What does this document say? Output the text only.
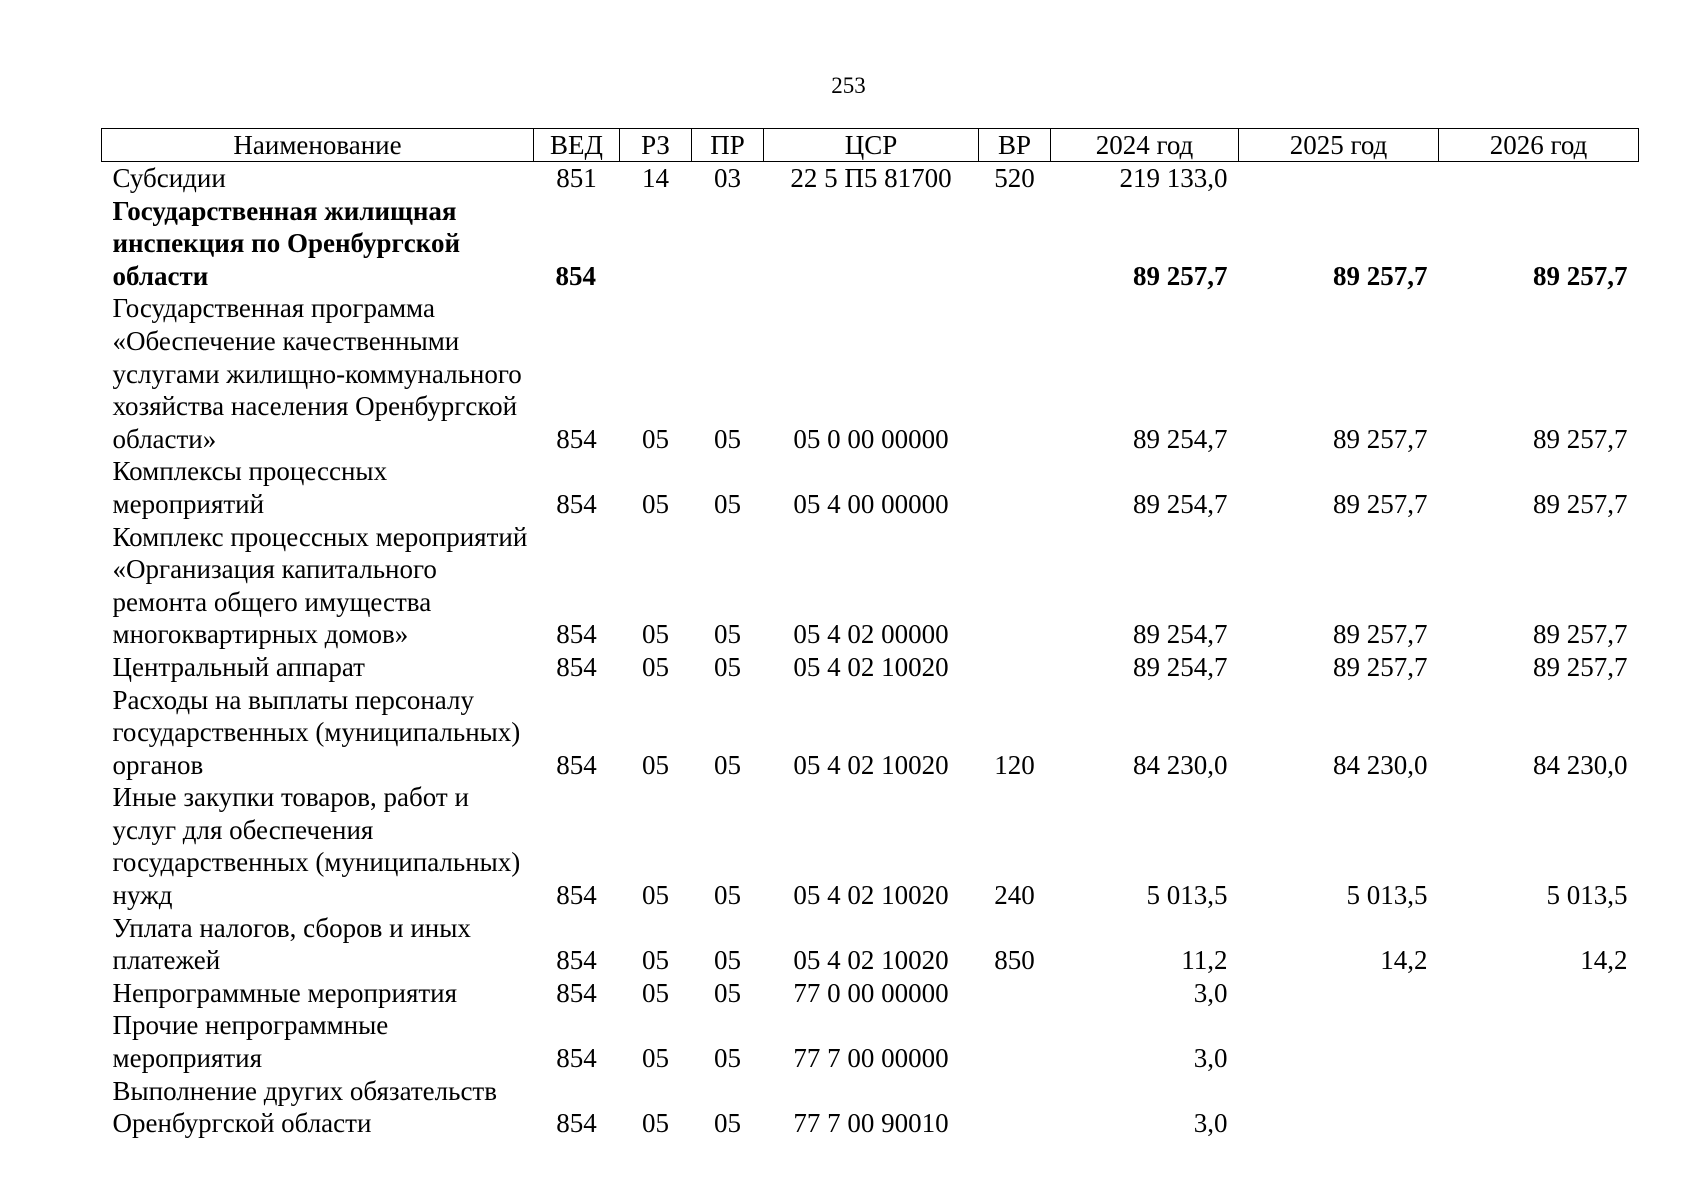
253
Наименование	ВЕД	РЗ	ПР	ЦСР	ВР	2024 год	2025 год	2026 год
Субсидии	851	14	03	22 5 П5 81700	520	219 133,0		
Государственная жилищная инспекция по Оренбургской области	854					89 257,7	89 257,7	89 257,7
Государственная программа «Обеспечение качественными услугами жилищно-коммунального хозяйства населения Оренбургской области»	854	05	05	05 0 00 00000		89 254,7	89 257,7	89 257,7
Комплексы процессных мероприятий	854	05	05	05 4 00 00000		89 254,7	89 257,7	89 257,7
Комплекс процессных мероприятий «Организация капитального ремонта общего имущества многоквартирных домов»	854	05	05	05 4 02 00000		89 254,7	89 257,7	89 257,7
Центральный аппарат	854	05	05	05 4 02 10020		89 254,7	89 257,7	89 257,7
Расходы на выплаты персоналу государственных (муниципальных) органов	854	05	05	05 4 02 10020	120	84 230,0	84 230,0	84 230,0
Иные закупки товаров, работ и услуг для обеспечения государственных (муниципальных) нужд	854	05	05	05 4 02 10020	240	5 013,5	5 013,5	5 013,5
Уплата налогов, сборов и иных платежей	854	05	05	05 4 02 10020	850	11,2	14,2	14,2
Непрограммные мероприятия	854	05	05	77 0 00 00000		3,0		
Прочие непрограммные мероприятия	854	05	05	77 7 00 00000		3,0		
Выполнение других обязательств Оренбургской области	854	05	05	77 7 00 90010		3,0		
